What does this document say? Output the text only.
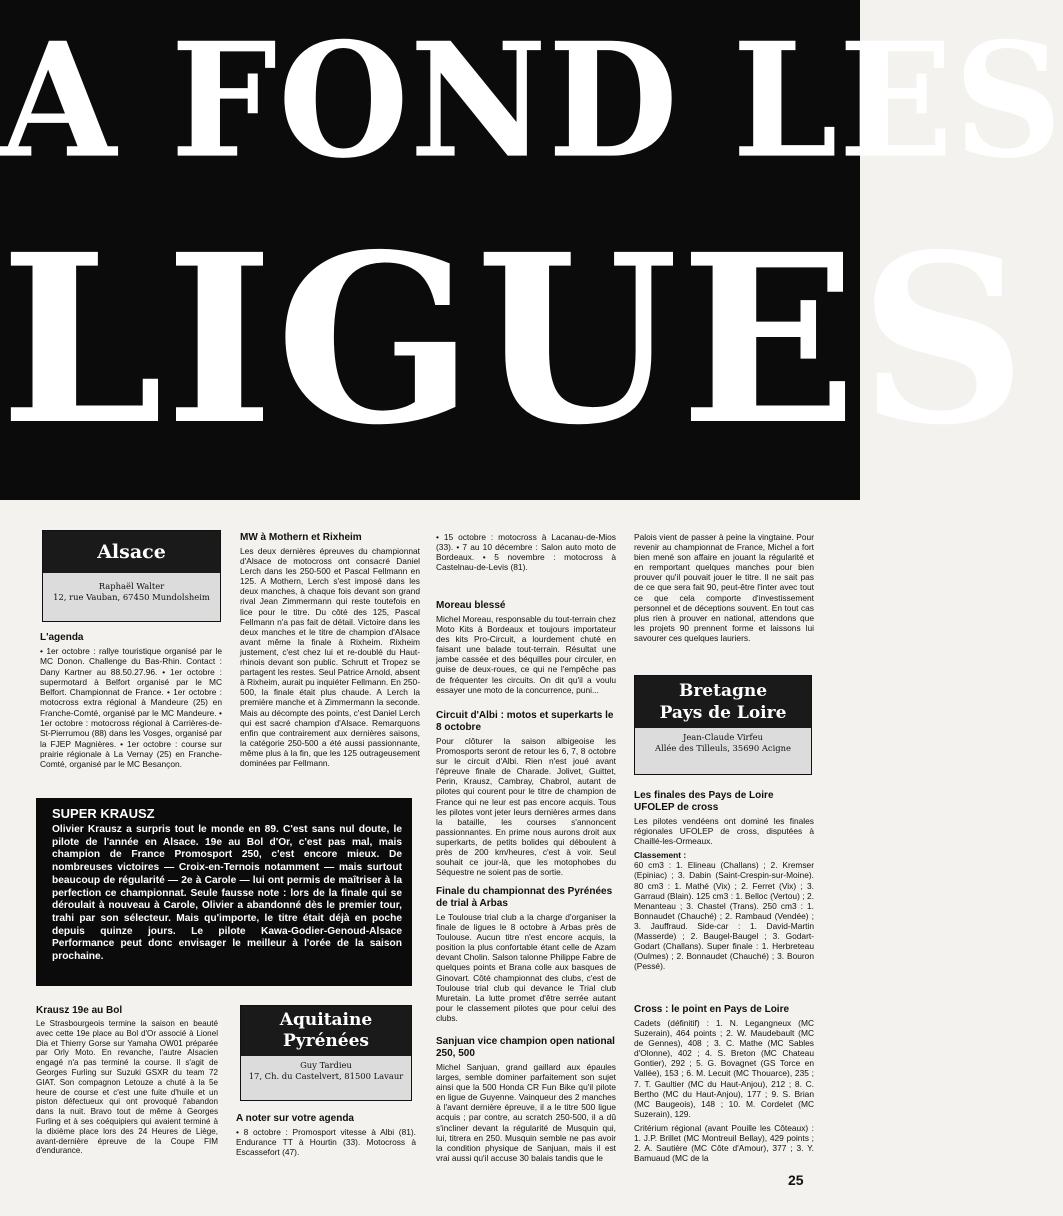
A FOND LES
LIGUES
Alsace
Raphaël Walter
12, rue Vauban, 67450 Mundolsheim
L'agenda

• 1er octobre : rallye touristique organisé par le MC Donon. Challenge du Bas-Rhin. Contact : Dany Kartner au 88.50.27.96. • 1er octobre : supermotard à Belfort organisé par le MC Belfort. Championnat de France. • 1er octobre : motocross extra régional à Mandeure (25) en Franche-Comté, organisé par le MC Mandeure. • 1er octobre : motocross régional à Carrières-de-St-Pierrumou (88) dans les Vosges, organisé par la FJEP Magnières. • 1er octobre : course sur prairie régionale à La Vernay (25) en Franche-Comté, organisé par le MC Besançon.

MW à Mothern et Rixheim

Les deux dernières épreuves du championnat d'Alsace de motocross ont consacré Daniel Lerch dans les 250-500 et Pascal Fellmann en 125. A Mothern, Lerch s'est imposé dans les deux manches, à chaque fois devant son grand rival Jean Zimmermann qui reste toutefois en lice pour le titre. Du côté des 125, Pascal Fellmann n'a pas fait de détail. Victoire dans les deux manches et le titre de champion d'Alsace avant même la finale à Rixheim. Rixheim justement, c'est chez lui et re-doublé du Haut-rhinois devant son public. Schrutt et Tropez se partagent les restes. Seul Patrice Arnold, absent à Rixheim, aurait pu inquiéter Fellmann. En 250-500, la finale était plus chaude. A Lerch la première manche et à Zimmermann la seconde. Mais au décompte des points, c'est Daniel Lerch qui est sacré champion d'Alsace. Remarquons enfin que contrairement aux dernières saisons, la catégorie 250-500 a été aussi passionnante, même plus à la fin, que les 125 outrageusement dominées par Fellmann.

SUPER KRAUSZ
Olivier Krausz a surpris tout le monde en 89. C'est sans nul doute, le pilote de l'année en Alsace. 19e au Bol d'Or, c'est pas mal, mais champion de France Promosport 250, c'est encore mieux. De nombreuses victoires — Croix-en-Ternois notamment — mais surtout beaucoup de régularité — 2e à Carole — lui ont permis de maîtriser à la perfection ce championnat. Seule fausse note : lors de la finale qui se déroulait à nouveau à Carole, Olivier a abandonné dès le premier tour, trahi par son sélecteur. Mais qu'importe, le titre était déjà en poche depuis quinze jours. Le pilote Kawa-Godier-Genoud-Alsace Performance peut donc envisager le meilleur à l'orée de la saison prochaine.
Krausz 19e au Bol

Le Strasbourgeois termine la saison en beauté avec cette 19e place au Bol d'Or associé à Lionel Dia et Thierry Gorse sur Yamaha OW01 préparée par Orly Moto. En revanche, l'autre Alsacien engagé n'a pas terminé la course. Il s'agit de Georges Furling sur Suzuki GSXR du team 72 GIAT. Son compagnon Letouze a chuté à la 5e heure de course et c'est une fuite d'huile et un piston défectueux qui ont provoqué l'abandon dans la nuit. Bravo tout de même à Georges Furling et à ses coéquipiers qui avaient terminé à la dixième place lors des 24 Heures de Liège, avant-dernière épreuve de la Coupe FIM d'endurance.

Aquitaine
Pyrénées
Guy Tardieu
17, Ch. du Castelvert, 81500 Lavaur
A noter sur votre agenda

• 8 octobre : Promosport vitesse à Albi (81). Endurance TT à Hourtin (33). Motocross à Escassefort (47).

• 15 octobre : motocross à Lacanau-de-Mios (33). • 7 au 10 décembre : Salon auto moto de Bordeaux. • 5 novembre : motocross à Castelnau-de-Levis (81).

Moreau blessé

Michel Moreau, responsable du tout-terrain chez Moto Kits à Bordeaux et toujours importateur des kits Pro-Circuit, a lourdement chuté en faisant une balade tout-terrain. Résultat une jambe cassée et des béquilles pour circuler, en guise de deux-roues, ce qui ne l'empêche pas de fréquenter les circuits. On dit qu'il a voulu essayer une moto de la concurrence, puni...

Circuit d'Albi : motos et superkarts le 8 octobre

Pour clôturer la saison albigeoise les Promosports seront de retour les 6, 7, 8 octobre sur le circuit d'Albi. Rien n'est joué avant l'épreuve finale de Charade. Jolivet, Guittet, Perin, Krausz, Cambray, Chabrol, autant de pilotes qui courent pour le titre de champion de France qui ne leur est pas encore acquis. Tous les pilotes vont jeter leurs dernières armes dans la bataille, les courses s'annoncent passionnantes. En prime nous aurons droit aux superkarts, de petits bolides qui déboulent à près de 200 km/heures, c'est à voir. Seul souhait ce jour-là, que les motophobes du Séquestre ne soient pas de sortie.

Finale du championnat des Pyrénées de trial à Arbas

Le Toulouse trial club a la charge d'organiser la finale de ligues le 8 octobre à Arbas près de Toulouse. Aucun titre n'est encore acquis, la position la plus confortable étant celle de Azam devant Cholin. Salson talonne Philippe Fabre de quelques points et Brana colle aux basques de Ginovart. Côté championnat des clubs, c'est de Toulouse trial club qui devance le Trial club Muretain. La lutte promet d'être serrée autant pour le classement pilotes que pour celui des clubs.

Sanjuan vice champion open national 250, 500

Michel Sanjuan, grand gaillard aux épaules larges, semble dominer parfaitement son sujet ainsi que la 500 Honda CR Fun Bike qu'il pilote en ligue de Guyenne. Vainqueur des 2 manches à l'avant dernière épreuve, il a le titre 500 ligue acquis ; par contre, au scratch 250-500, il a dû s'incliner devant la régularité de Musquin qui, lui, titrera en 250. Musquin semble ne pas avoir la condition physique de Sanjuan, mais il est vrai aussi qu'il accuse 30 balais tandis que le

Palois vient de passer à peine la vingtaine. Pour revenir au championnat de France, Michel a fort bien mené son affaire en jouant la régularité et en remportant quelques manches pour bien prouver qu'il pouvait jouer le titre. Il ne sait pas de ce que sera fait 90, peut-être l'inter avec tout ce que cela comporte d'investissement personnel et de déceptions souvent. En tout cas plus rien à prouver en national, attendons que les projets 90 prennent forme et laissons lui savourer ces quelques lauriers.

Bretagne
Pays de Loire
Jean-Claude Virfeu
Allée des Tilleuls, 35690 Acigne
Les finales des Pays de Loire UFOLEP de cross

Les pilotes vendéens ont dominé les finales régionales UFOLEP de cross, disputées à Chaillé-les-Ormeaux.

Classement :

60 cm3 : 1. Elineau (Challans) ; 2. Kremser (Epiniac) ; 3. Dabin (Saint-Crespin-sur-Moine). 80 cm3 : 1. Mathé (Vix) ; 2. Ferret (Vix) ; 3. Garraud (Blain). 125 cm3 : 1. Belloc (Vertou) ; 2. Menanteau ; 3. Chastel (Trans). 250 cm3 : 1. Bonnaudet (Chauché) ; 2. Rambaud (Vendée) ; 3. Jauffraud. Side-car : 1. David-Martin (Masserde) ; 2. Baugel-Baugel ; 3. Godart-Godart (Challans). Super finale : 1. Herbreteau (Oulmes) ; 2. Bonnaudet (Chauché) ; 3. Bouron (Pessé).

Cross : le point en Pays de Loire

Cadets (définitif) : 1. N. Legangneux (MC Suzerain), 464 points ; 2. W. Maudebault (MC de Gennes), 408 ; 3. C. Mathe (MC Sables d'Olonne), 402 ; 4. S. Breton (MC Chateau Gontier), 292 ; 5. G. Bovagnet (GS Torce en Vallée), 153 ; 6. M. Lecuit (MC Thouarce), 235 ; 7. T. Gaultier (MC du Haut-Anjou), 212 ; 8. C. Bertho (MC du Haut-Anjou), 177 ; 9. S. Brian (MC Baugeois), 148 ; 10. M. Cordelet (MC Suzerain), 129.

Critérium régional (avant Pouille les Côteaux) : 1. J.P. Brillet (MC Montreuil Bellay), 429 points ; 2. A. Sautière (MC Côte d'Amour), 377 ; 3. Y. Bamuaud (MC de la

25
